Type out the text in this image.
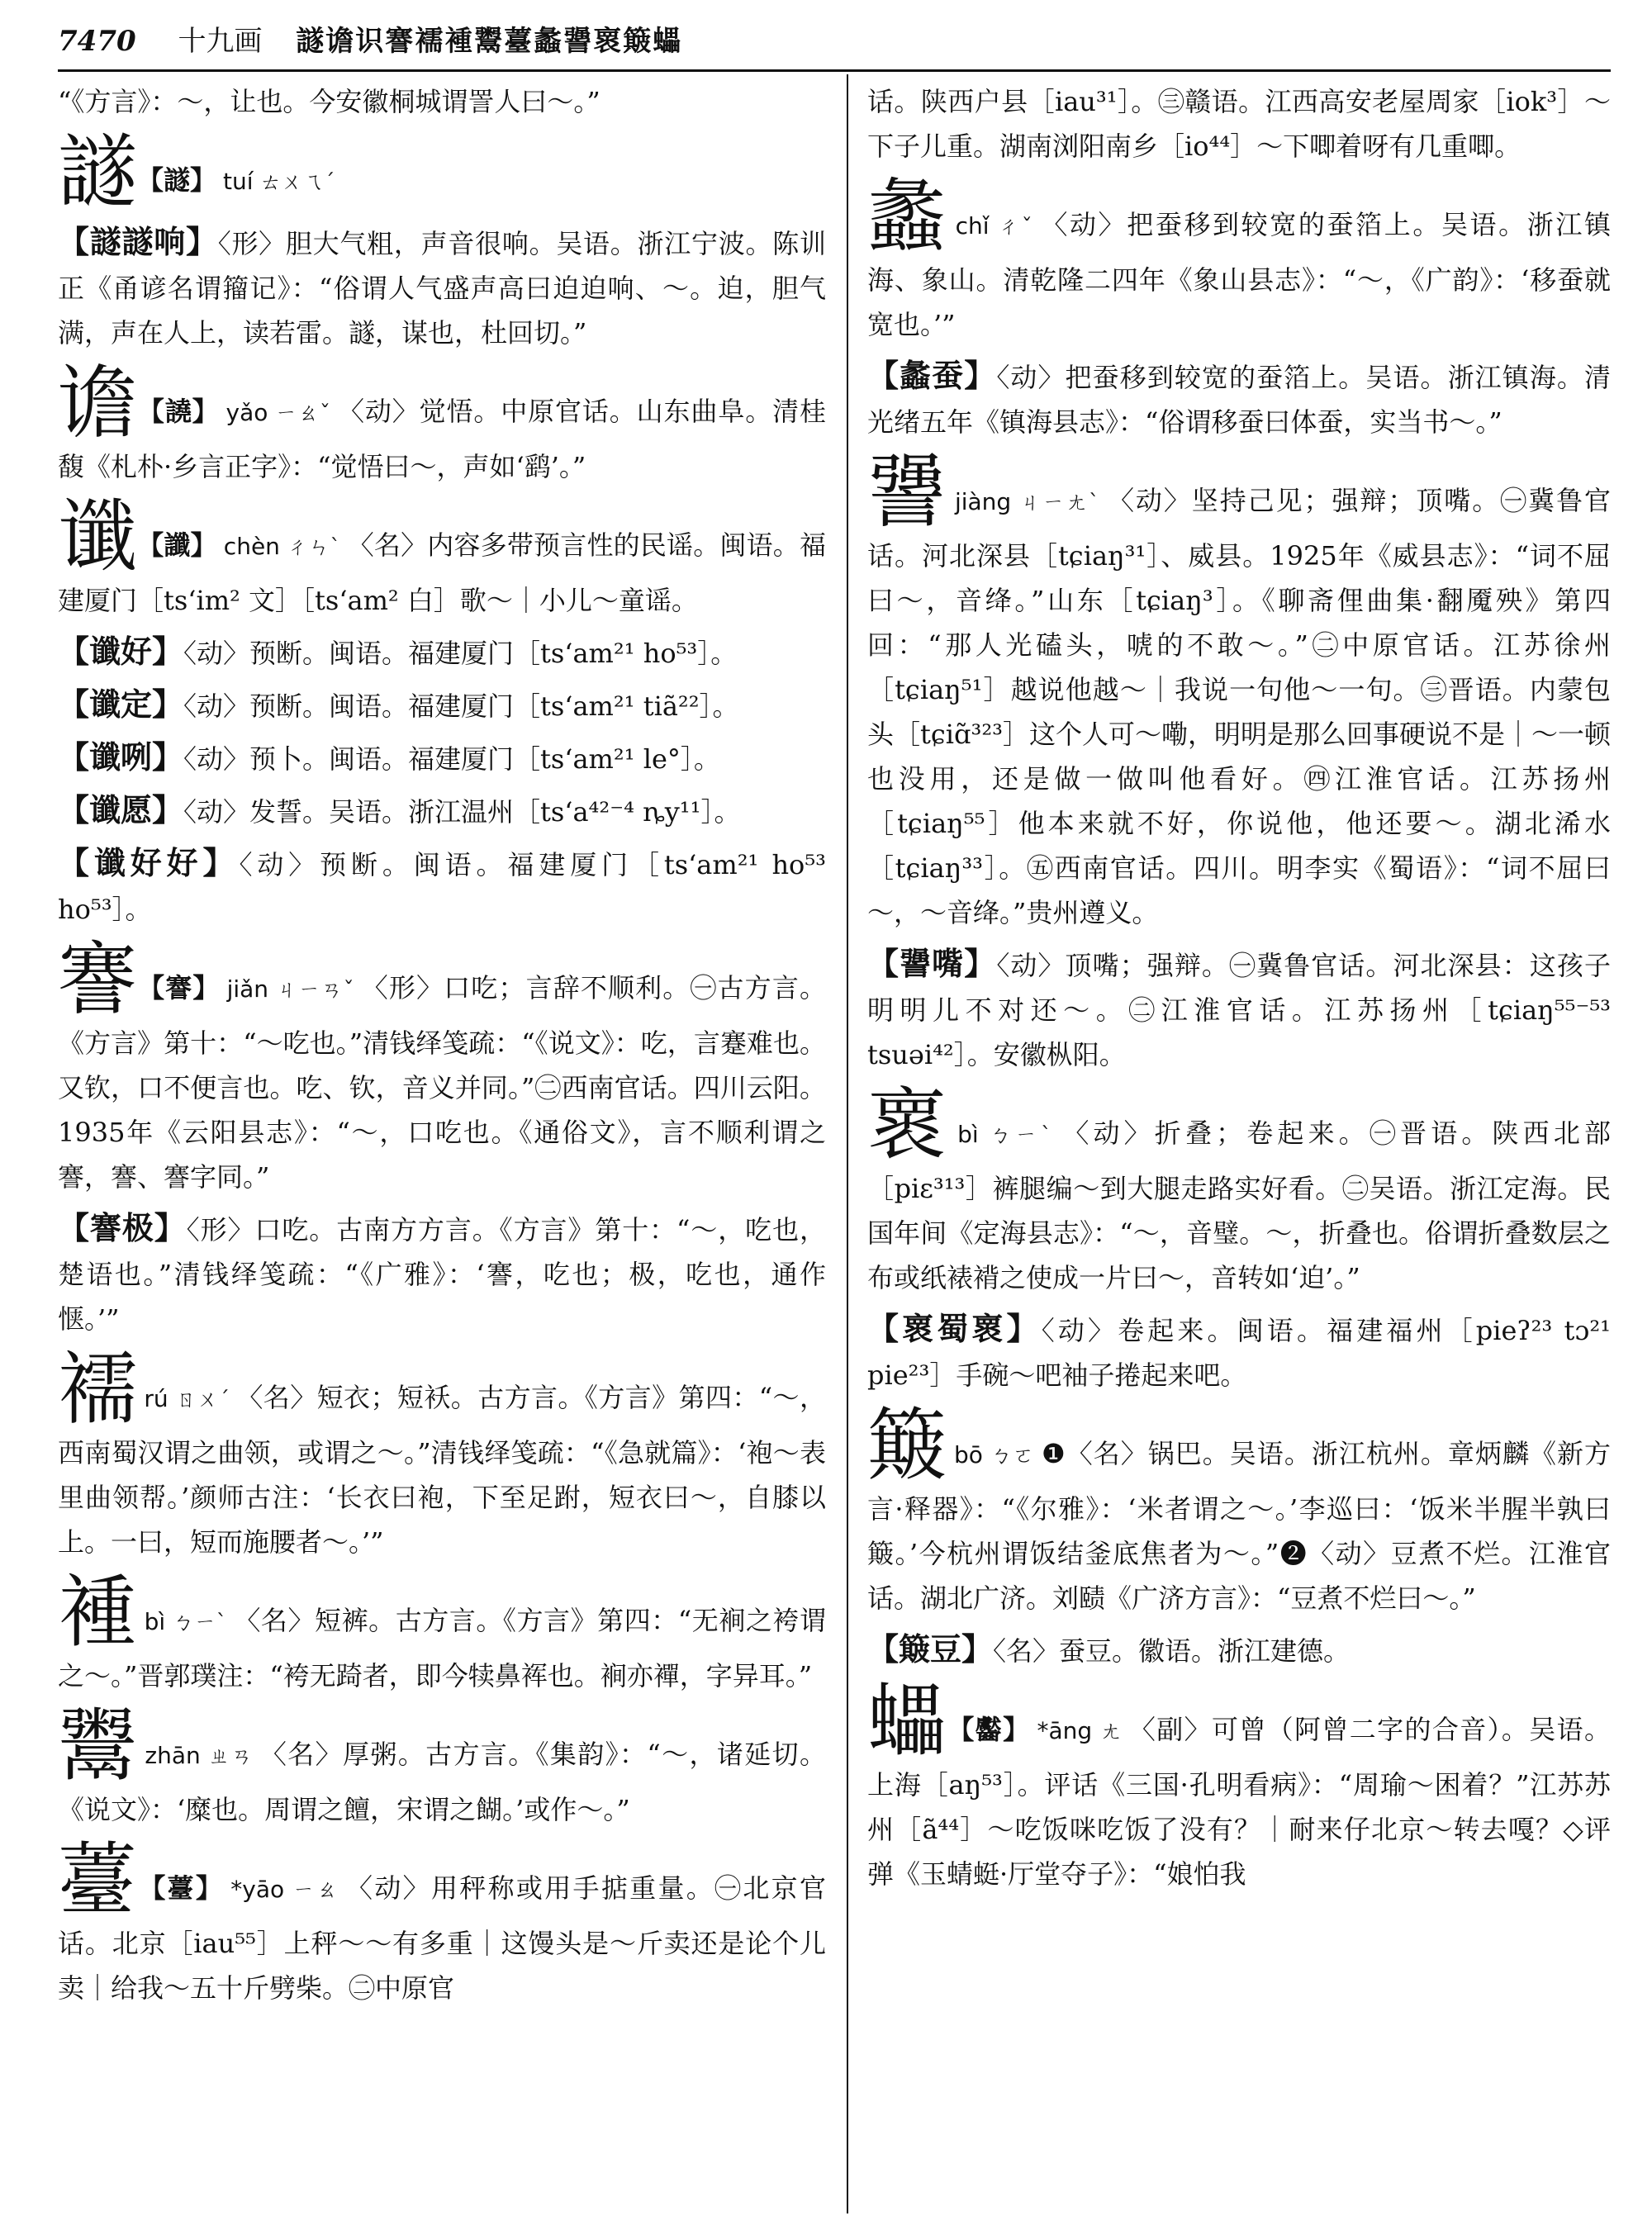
7470 十九画 譢谵识謇襦褈鬻薹蠡謽褱簸蠝
“《方言》：～，让也。今安徽桐城谓詈人曰～。”
譢【譢】 tuí ㄊㄨㄟˊ
【譢譢响】〈形〉胆大气粗，声音很响。吴语。浙江宁波。陈训正《甬谚名谓籀记》：“俗谓人气盛声高曰迫迫响、～。迫，胆气满，声在人上，读若雷。譢，谋也，杜回切。”
谵【譊】 yǎo ㄧㄠˇ 〈动〉觉悟。中原官话。山东曲阜。清桂馥《札朴·乡言正字》：“觉悟曰～，声如‘鹞’。”
谶【讖】 chèn ㄔㄣˋ 〈名〉内容多带预言性的民谣。闽语。福建厦门［tsʻim² 文］［tsʻam² 白］歌～｜小儿～童谣。
【谶好】〈动〉预断。闽语。福建厦门［tsʻam²¹ ho⁵³］。
【谶定】〈动〉预断。闽语。福建厦门［tsʻam²¹ tiã²²］。
【谶咧】〈动〉预卜。闽语。福建厦门［tsʻam²¹ le°］。
【谶愿】〈动〉发誓。吴语。浙江温州［tsʻa⁴²⁻⁴ ȵy¹¹］。
【谶好好】〈动〉预断。闽语。福建厦门［tsʻam²¹ ho⁵³ ho⁵³］。
謇【謇】 jiǎn ㄐㄧㄢˇ 〈形〉口吃；言辞不顺利。㊀古方言。《方言》第十：“～吃也。”清钱绎笺疏：“《说文》：吃，言蹇难也。又钦，口不便言也。吃、钦，音义并同。”㊁西南官话。四川云阳。1935年《云阳县志》：“～，口吃也。《通俗文》，言不顺利谓之謇，謇、謇字同。”
【謇极】〈形〉口吃。古南方方言。《方言》第十：“～，吃也，楚语也。”清钱绎笺疏：“《广雅》：‘謇，吃也；极，吃也，通作惬。’”
襦rú ㄖㄨˊ 〈名〉短衣；短袄。古方言。《方言》第四：“～，西南蜀汉谓之曲领，或谓之～。”清钱绎笺疏：“《急就篇》：‘袍～表里曲领帮。’颜师古注：‘长衣曰袍，下至足跗，短衣曰～，自膝以上。一曰，短而施腰者～。’”
褈bì ㄅㄧˋ 〈名〉短裤。古方言。《方言》第四：“无裥之袴谓之～。”晋郭璞注：“袴无踦者，即今犊鼻裈也。裥亦襌，字异耳。”
鬻zhān ㄓㄢ 〈名〉厚粥。古方言。《集韵》：“～，诸延切。《说文》：‘糜也。周谓之饘，宋谓之餬。’或作～。”
薹【薹】 *yāo ㄧㄠ 〈动〉用秤称或用手掂重量。㊀北京官话。北京［iau⁵⁵］上秤～～有多重｜这馒头是～斤卖还是论个儿卖｜给我～五十斤劈柴。㊁中原官
话。陕西户县［iau³¹］。㊂赣语。江西高安老屋周家［iok³］～下子儿重。湖南浏阳南乡［io⁴⁴］～下唧着呀有几重唧。
蠡chǐ ㄔˇ 〈动〉把蚕移到较宽的蚕箔上。吴语。浙江镇海、象山。清乾隆二四年《象山县志》：“～，《广韵》：‘移蚕就宽也。’”
【蠡蚕】〈动〉把蚕移到较宽的蚕箔上。吴语。浙江镇海。清光绪五年《镇海县志》：“俗谓移蚕曰体蚕，实当书～。”
謽jiàng ㄐㄧㄤˋ 〈动〉坚持己见；强辩；顶嘴。㊀冀鲁官话。河北深县［tɕiaŋ³¹］、威县。1925年《威县志》：“词不屈曰～，音绛。”山东［tɕiaŋ³］。《聊斋俚曲集·翻魇殃》第四回：“那人光磕头，唬的不敢～。”㊁中原官话。江苏徐州［tɕiaŋ⁵¹］越说他越～｜我说一句他～一句。㊂晋语。内蒙包头［tɕiɑ̃³²³］这个人可～嘞，明明是那么回事硬说不是｜～一顿也没用，还是做一做叫他看好。㊃江淮官话。江苏扬州［tɕiaŋ⁵⁵］他本来就不好，你说他，他还要～。湖北浠水［tɕiaŋ³³］。㊄西南官话。四川。明李实《蜀语》：“词不屈曰～，～音绛。”贵州遵义。
【謽嘴】〈动〉顶嘴；强辩。㊀冀鲁官话。河北深县：这孩子明明儿不对还～。㊁江淮官话。江苏扬州［tɕiaŋ⁵⁵⁻⁵³ tsuəi⁴²］。安徽枞阳。
褱bì ㄅㄧˋ 〈动〉折叠；卷起来。㊀晋语。陕西北部［piɛ³¹³］裤腿编～到大腿走路实好看。㊁吴语。浙江定海。民国年间《定海县志》：“～，音璧。～，折叠也。俗谓折叠数层之布或纸裱褙之使成一片曰～，音转如‘迫’。”
【褱蜀褱】〈动〉卷起来。闽语。福建福州［pieʔ²³ tɔ²¹ pie²³］手碗～吧袖子捲起来吧。
簸bō ㄅㄛ ❶〈名〉锅巴。吴语。浙江杭州。章炳麟《新方言·释器》：“《尔雅》：‘米者谓之～。’李巡曰：‘饭米半腥半孰曰簸。’今杭州谓饭结釜底焦者为～。”❷〈动〉豆煮不烂。江淮官话。湖北广济。刘赜《广济方言》：“豆煮不烂曰～。”
【簸豆】〈名〉蚕豆。徽语。浙江建德。
蠝【齾】 *āng ㄤ 〈副〉可曾（阿曾二字的合音）。吴语。上海［aŋ⁵³］。评话《三国·孔明看病》：“周瑜～困着？”江苏苏州［ã⁴⁴］～吃饭咪吃饭了没有？｜耐来仔北京～转去嘎？◇评弹《玉蜻蜓·厅堂夺子》：“娘怕我
